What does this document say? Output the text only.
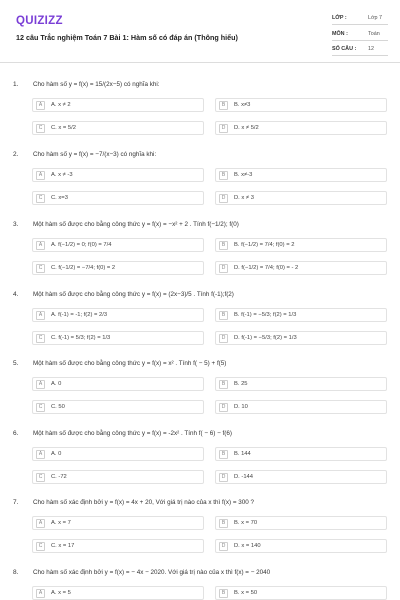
QUIZIZZ
12 câu Trắc nghiệm Toán 7 Bài 1: Hàm số có đáp án (Thông hiểu)
LỚP :	Lớp 7
MÔN :	Toán
SỐ CÂU : 12
1. Cho hàm số y = f(x) = 15/(2x−5) có nghĩa khi:
A	A. x ≠ 2	B	B. x≠3
C	C. x = 5/2	D	D. x ≠ 5/2
2. Cho hàm số y = f(x) = −7/(x−3) có nghĩa khi:
A	A. x ≠ -3	B	B. x≠-3
C	C. x=3	D	D. x ≠ 3
3. Một hàm số được cho bằng công thức y = f(x) = −x² + 2 . Tính f(−1/2); f(0)
A	A. f(−1/2) = 0; f(0) = 7/4	B	B. f(−1/2) = 7/4; f(0) = 2
C	C. f(−1/2) = −7/4; f(0) = 2	D	D. f(−1/2) = 7/4; f(0) = - 2
4. Một hàm số được cho bằng công thức y = f(x) = (2x−3)/5 . Tính f(-1);f(2)
A	A. f(-1) = -1; f(2) = 2/3	B	B. f(-1) = −5/3; f(2) = 1/3
C	C. f(-1) = 5/3; f(2) = 1/3	D	D. f(-1) = −5/3; f(2) = 1/3
5. Một hàm số được cho bằng công thức y = f(x) = x² . Tính f( − 5) + f(5)
A	A. 0	B	B. 25
C	C. 50	D	D. 10
6. Một hàm số được cho bằng công thức y = f(x) = -2x² . Tính f( − 6) − f(6)
A	A. 0	B	B. 144
C	C. -72	D	D. -144
7. Cho hàm số xác định bởi y = f(x) = 4x + 20, Với giá trị nào của x thì f(x) = 300 ?
A	A. x = 7	B	B. x = 70
C	C. x = 17	D	D. x = 140
8. Cho hàm số xác định bởi y = f(x) = − 4x − 2020. Với giá trị nào của x thì f(x) = − 2040
A	A. x = 5	B	B. x = 50
